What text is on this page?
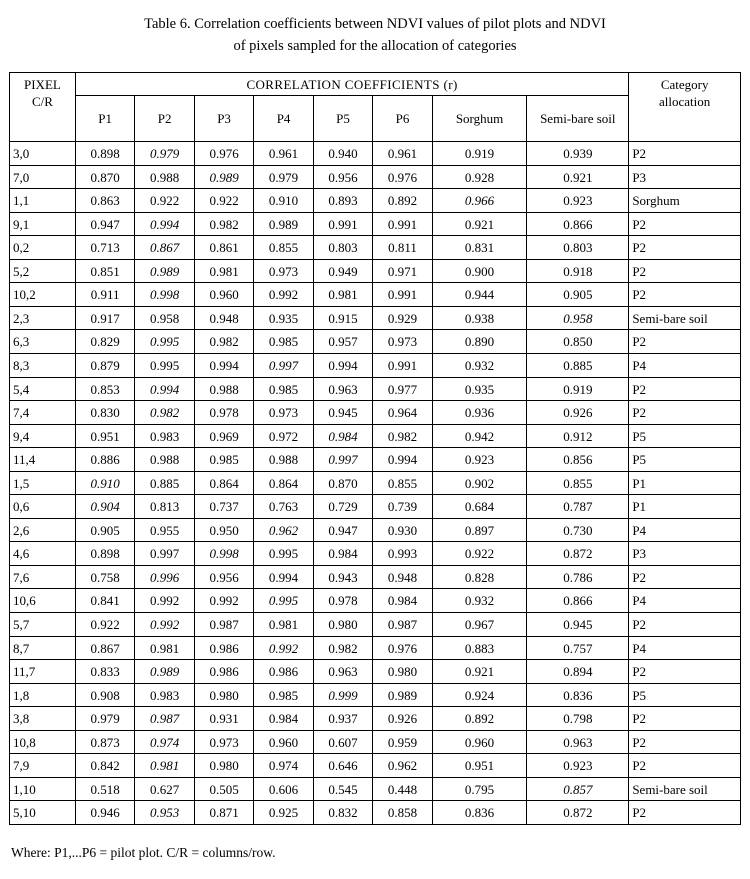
Table 6. Correlation coefficients between NDVI values of pilot plots and NDVI
of pixels sampled for the allocation of categories
PIXEL
C/R	CORRELATION COEFFICIENTS (r)								Category
allocation
	P1	P2	P3	P4	P5	P6	Sorghum	Semi-bare soil	
3,0	0.898	0.979	0.976	0.961	0.940	0.961	0.919	0.939	P2
7,0	0.870	0.988	0.989	0.979	0.956	0.976	0.928	0.921	P3
1,1	0.863	0.922	0.922	0.910	0.893	0.892	0.966	0.923	Sorghum
9,1	0.947	0.994	0.982	0.989	0.991	0.991	0.921	0.866	P2
0,2	0.713	0.867	0.861	0.855	0.803	0.811	0.831	0.803	P2
5,2	0.851	0.989	0.981	0.973	0.949	0.971	0.900	0.918	P2
10,2	0.911	0.998	0.960	0.992	0.981	0.991	0.944	0.905	P2
2,3	0.917	0.958	0.948	0.935	0.915	0.929	0.938	0.958	Semi-bare soil
6,3	0.829	0.995	0.982	0.985	0.957	0.973	0.890	0.850	P2
8,3	0.879	0.995	0.994	0.997	0.994	0.991	0.932	0.885	P4
5,4	0.853	0.994	0.988	0.985	0.963	0.977	0.935	0.919	P2
7,4	0.830	0.982	0.978	0.973	0.945	0.964	0.936	0.926	P2
9,4	0.951	0.983	0.969	0.972	0.984	0.982	0.942	0.912	P5
11,4	0.886	0.988	0.985	0.988	0.997	0.994	0.923	0.856	P5
1,5	0.910	0.885	0.864	0.864	0.870	0.855	0.902	0.855	P1
0,6	0.904	0.813	0.737	0.763	0.729	0.739	0.684	0.787	P1
2,6	0.905	0.955	0.950	0.962	0.947	0.930	0.897	0.730	P4
4,6	0.898	0.997	0.998	0.995	0.984	0.993	0.922	0.872	P3
7,6	0.758	0.996	0.956	0.994	0.943	0.948	0.828	0.786	P2
10,6	0.841	0.992	0.992	0.995	0.978	0.984	0.932	0.866	P4
5,7	0.922	0.992	0.987	0.981	0.980	0.987	0.967	0.945	P2
8,7	0.867	0.981	0.986	0.992	0.982	0.976	0.883	0.757	P4
11,7	0.833	0.989	0.986	0.986	0.963	0.980	0.921	0.894	P2
1,8	0.908	0.983	0.980	0.985	0.999	0.989	0.924	0.836	P5
3,8	0.979	0.987	0.931	0.984	0.937	0.926	0.892	0.798	P2
10,8	0.873	0.974	0.973	0.960	0.607	0.959	0.960	0.963	P2
7,9	0.842	0.981	0.980	0.974	0.646	0.962	0.951	0.923	P2
1,10	0.518	0.627	0.505	0.606	0.545	0.448	0.795	0.857	Semi-bare soil
5,10	0.946	0.953	0.871	0.925	0.832	0.858	0.836	0.872	P2
Where: P1,...P6 = pilot plot. C/R = columns/row.
